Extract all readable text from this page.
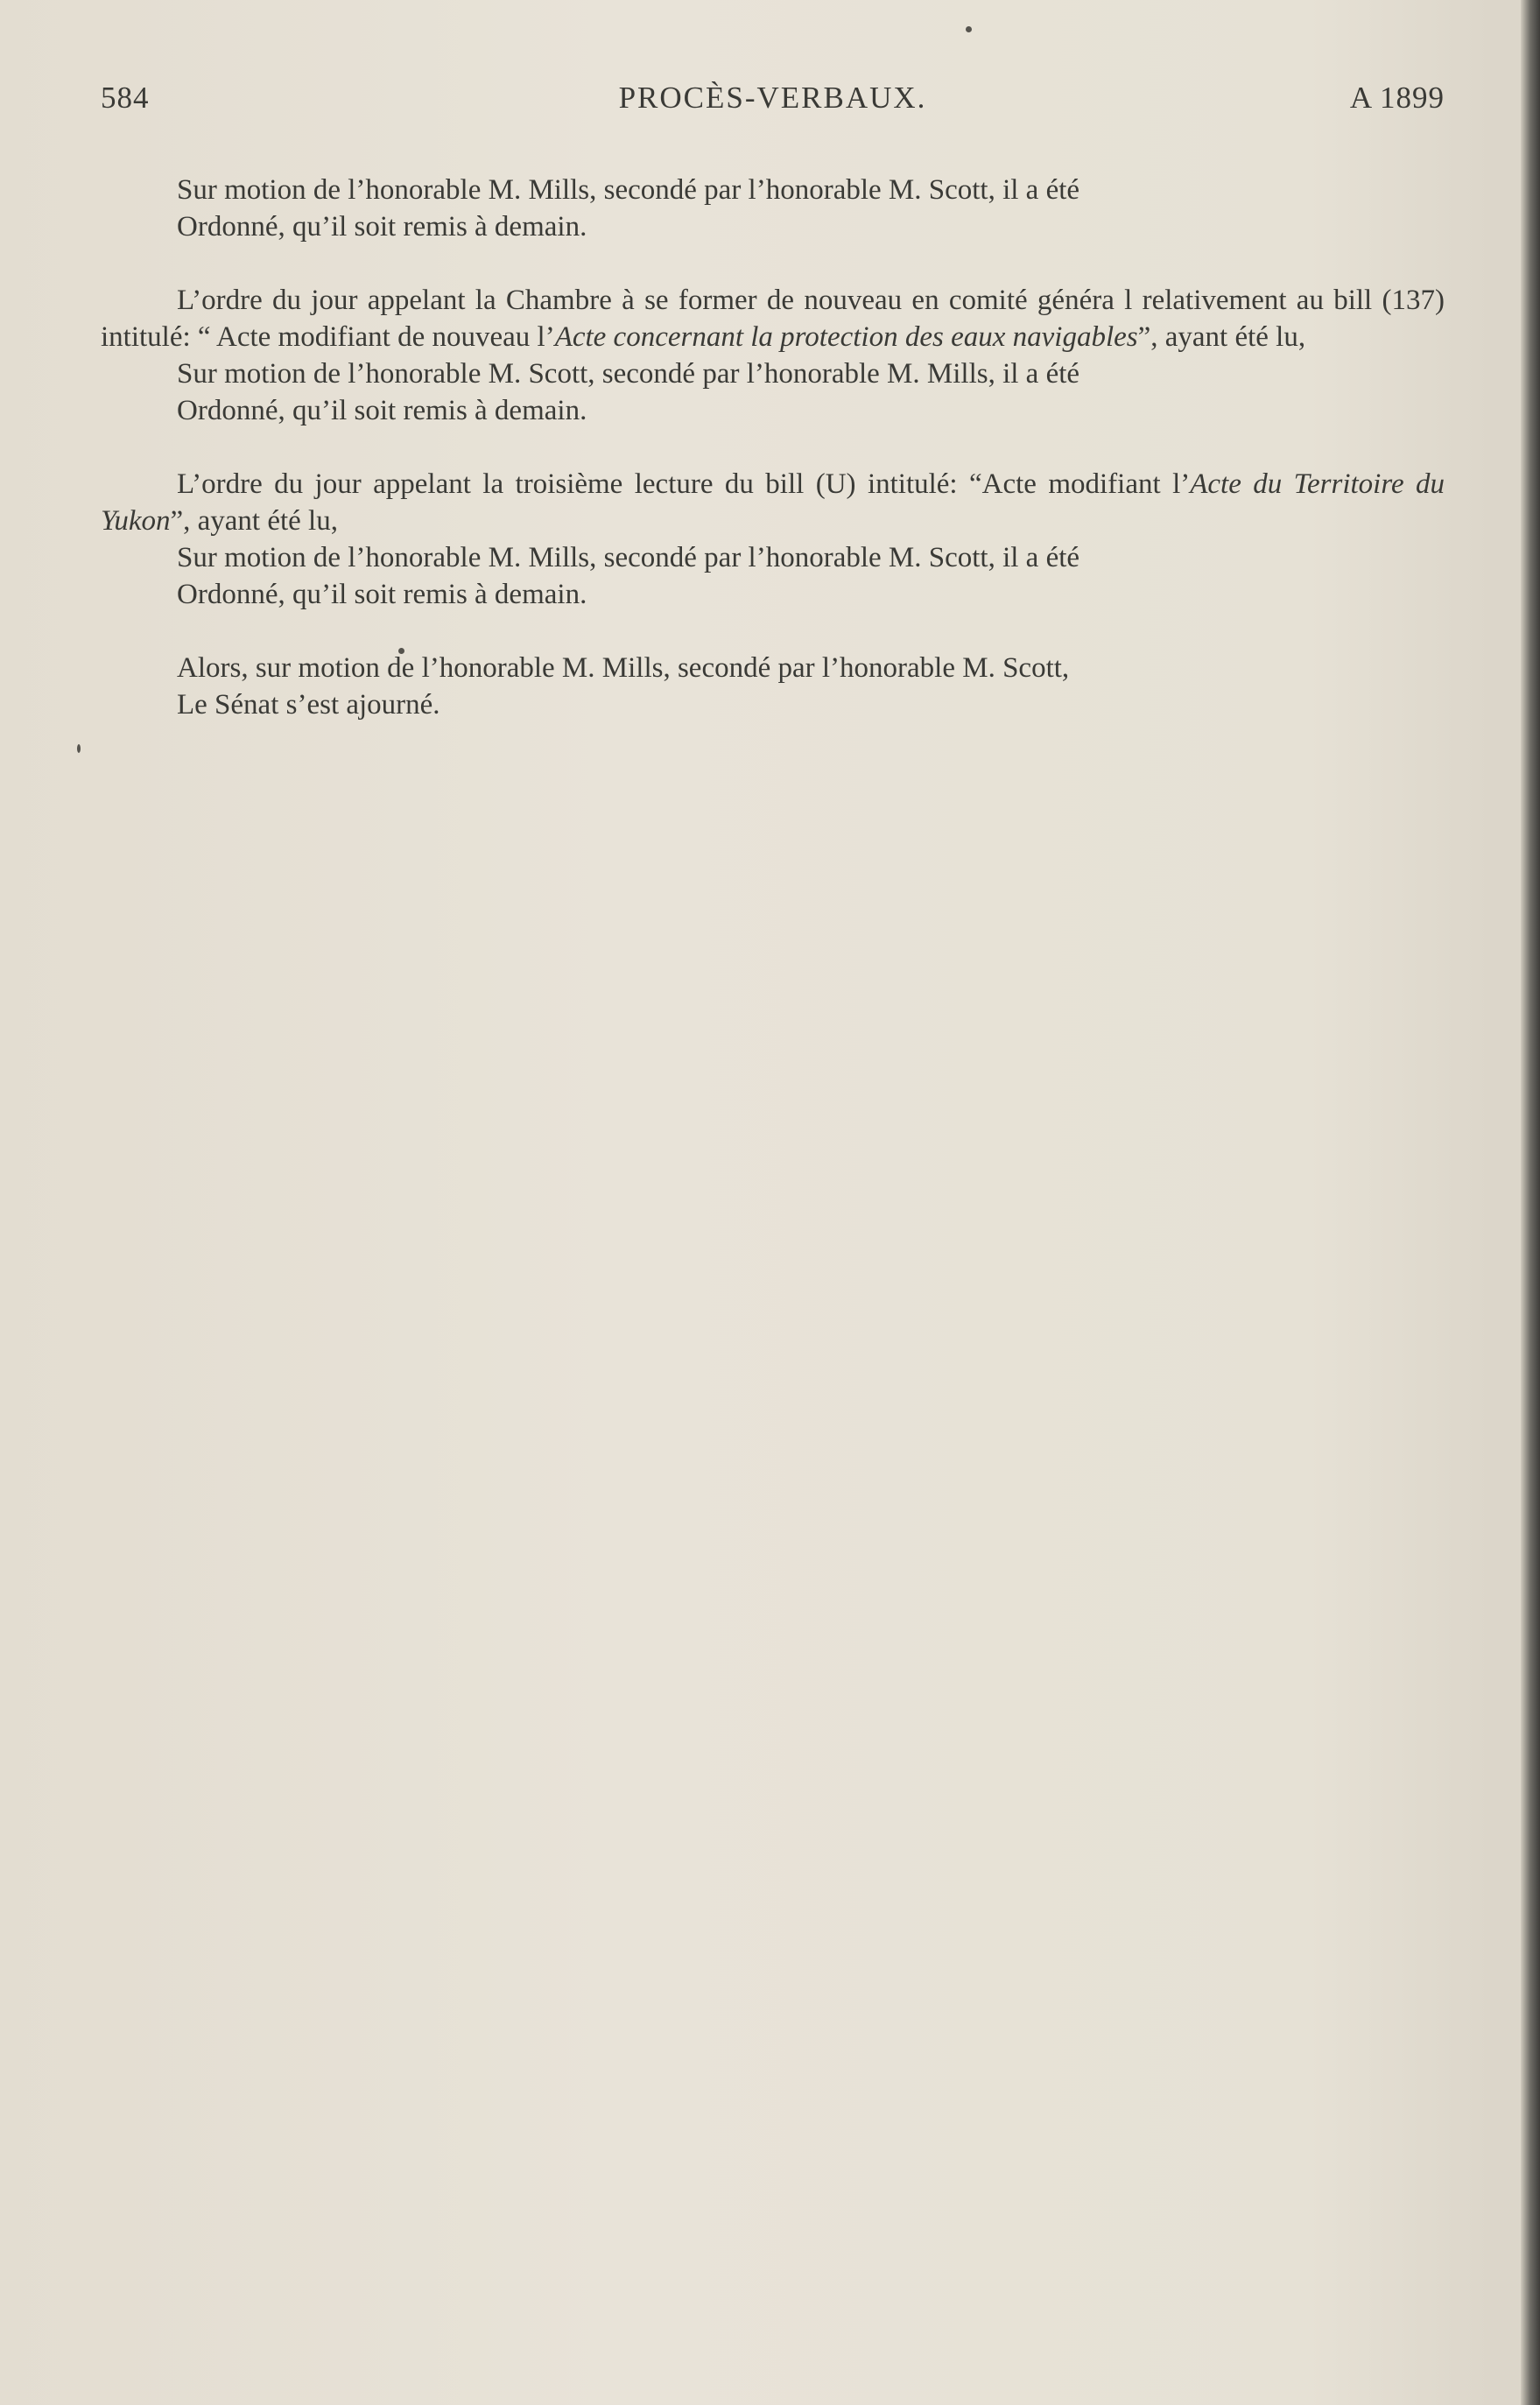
584	PROCÈS-VERBAUX.	A 1899
Sur motion de l’honorable M. Mills, secondé par l’honorable M. Scott, il a été
Ordonné, qu’il soit remis à demain.
L’ordre du jour appelant la Chambre à se former de nouveau en comité généra l relativement au bill (137) intitulé: “ Acte modifiant de nouveau l’Acte concernant la protection des eaux navigables”, ayant été lu,
Sur motion de l’honorable M. Scott, secondé par l’honorable M. Mills, il a été
Ordonné, qu’il soit remis à demain.
L’ordre du jour appelant la troisième lecture du bill (U) intitulé: “Acte modifiant l’Acte du Territoire du Yukon”, ayant été lu,
Sur motion de l’honorable M. Mills, secondé par l’honorable M. Scott, il a été
Ordonné, qu’il soit remis à demain.
Alors, sur motion de l’honorable M. Mills, secondé par l’honorable M. Scott,
Le Sénat s’est ajourné.
